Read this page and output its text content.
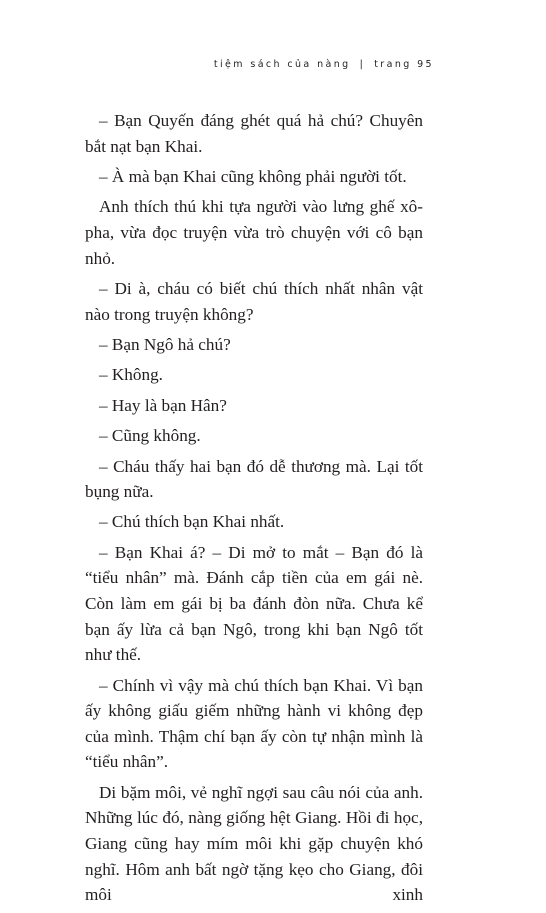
tiệm sách của nàng | trang 95

– Bạn Quyến đáng ghét quá hả chú? Chuyên bắt nạt bạn Khai.

– À mà bạn Khai cũng không phải người tốt.

Anh thích thú khi tựa người vào lưng ghế xô-pha, vừa đọc truyện vừa trò chuyện với cô bạn nhỏ.

– Di à, cháu có biết chú thích nhất nhân vật nào trong truyện không?

– Bạn Ngô hả chú?

– Không.

– Hay là bạn Hân?

– Cũng không.

– Cháu thấy hai bạn đó dễ thương mà. Lại tốt bụng nữa.

– Chú thích bạn Khai nhất.

– Bạn Khai á? – Di mở to mắt – Bạn đó là “tiểu nhân” mà. Đánh cắp tiền của em gái nè. Còn làm em gái bị ba đánh đòn nữa. Chưa kể bạn ấy lừa cả bạn Ngô, trong khi bạn Ngô tốt như thế.

– Chính vì vậy mà chú thích bạn Khai. Vì bạn ấy không giấu giếm những hành vi không đẹp của mình. Thậm chí bạn ấy còn tự nhận mình là “tiểu nhân”.

Di bặm môi, vẻ nghĩ ngợi sau câu nói của anh. Những lúc đó, nàng giống hệt Giang. Hồi đi học, Giang cũng hay mím môi khi gặp chuyện khó nghĩ. Hôm anh bất ngờ tặng kẹo cho Giang, đôi môi xinh
